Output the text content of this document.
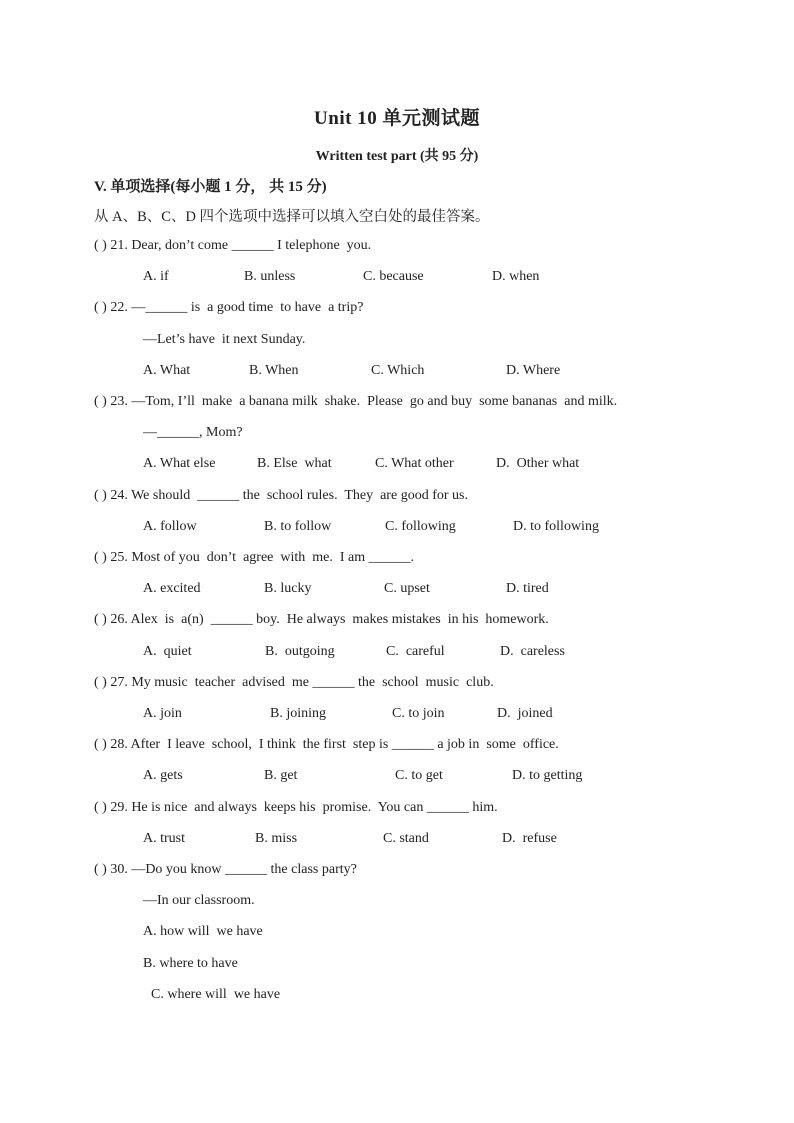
Unit 10 单元测试题
Written test part (共 95 分)
V. 单项选择(每小题 1 分， 共 15 分)
从 A、B、C、D 四个选项中选择可以填入空白处的最佳答案。
( ) 21. Dear, don’t come ______ I telephone  you.
A. if	B. unless	C. because	D. when
( ) 22. —______ is  a good time  to have  a trip?
—Let’s have  it next Sunday.
A. What	B. When	C. Which	D. Where
( ) 23. —Tom, I’ll  make  a banana milk  shake.  Please  go and buy  some bananas  and milk.
—______, Mom?
A. What else	B. Else  what	C. What other	D.  Other what
( ) 24. We should  ______ the  school rules.  They  are good for us.
A. follow	B. to follow	C. following	D. to following
( ) 25. Most of you  don’t  agree  with  me.  I am ______.
A. excited	B. lucky	C. upset	D. tired
( ) 26. Alex  is  a(n)  ______ boy.  He always  makes mistakes  in his  homework.
A.  quiet	B.  outgoing	C.  careful	D.  careless
( ) 27. My music  teacher  advised  me ______ the  school  music  club.
A. join	B. joining	C. to join	D.  joined
( ) 28. After  I leave  school,  I think  the first  step is ______ a job in  some  office.
A. gets	B. get	C. to get	D. to getting
( ) 29. He is nice  and always  keeps his  promise.  You can ______ him.
A. trust	B. miss	C. stand	D.  refuse
( ) 30. —Do you know ______ the class party?
—In our classroom.
A. how will  we have
B. where to have
C. where will  we have
